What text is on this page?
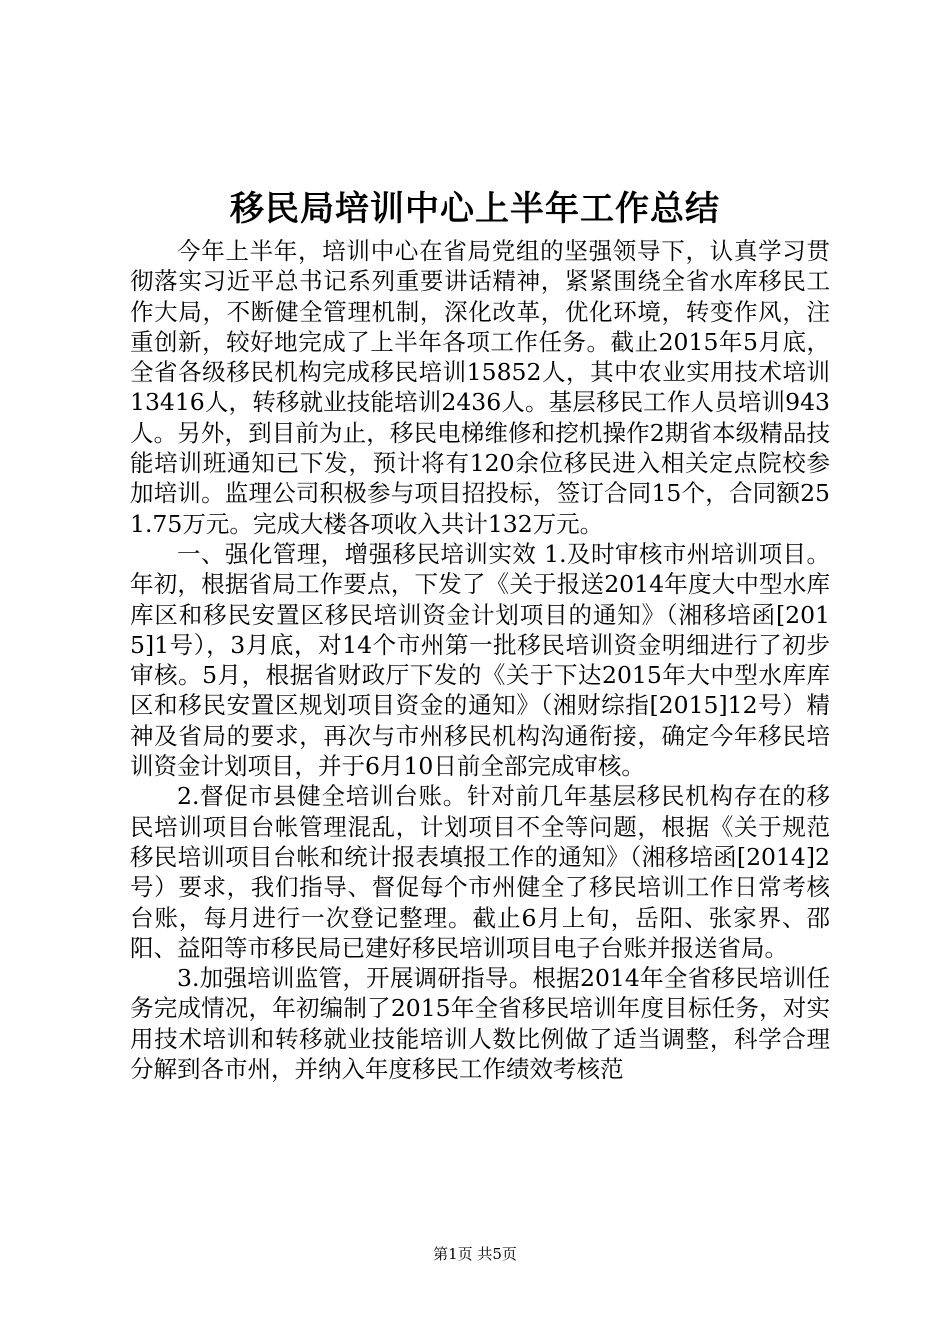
移民局培训中心上半年工作总结

今年上半年，培训中心在省局党组的坚强领导下，认真学习贯彻落实习近平总书记系列重要讲话精神，紧紧围绕全省水库移民工作大局，不断健全管理机制，深化改革，优化环境，转变作风，注重创新，较好地完成了上半年各项工作任务。截止2015年5月底，全省各级移民机构完成移民培训15852人，其中农业实用技术培训13416人，转移就业技能培训2436人。基层移民工作人员培训943人。另外，到目前为止，移民电梯维修和挖机操作2期省本级精品技能培训班通知已下发，预计将有120余位移民进入相关定点院校参加培训。监理公司积极参与项目招投标，签订合同15个，合同额251.75万元。完成大楼各项收入共计132万元。

一、强化管理，增强移民培训实效 1.及时审核市州培训项目。年初，根据省局工作要点，下发了《关于报送2014年度大中型水库库区和移民安置区移民培训资金计划项目的通知》（湘移培函[2015]1号），3月底，对14个市州第一批移民培训资金明细进行了初步审核。5月，根据省财政厅下发的《关于下达2015年大中型水库库区和移民安置区规划项目资金的通知》（湘财综指[2015]12号）精神及省局的要求，再次与市州移民机构沟通衔接，确定今年移民培训资金计划项目，并于6月10日前全部完成审核。

2.督促市县健全培训台账。针对前几年基层移民机构存在的移民培训项目台帐管理混乱，计划项目不全等问题，根据《关于规范移民培训项目台帐和统计报表填报工作的通知》（湘移培函[2014]2号）要求，我们指导、督促每个市州健全了移民培训工作日常考核台账，每月进行一次登记整理。截止6月上旬，岳阳、张家界、邵阳、益阳等市移民局已建好移民培训项目电子台账并报送省局。

3.加强培训监管，开展调研指导。根据2014年全省移民培训任务完成情况，年初编制了2015年全省移民培训年度目标任务，对实用技术培训和转移就业技能培训人数比例做了适当调整，科学合理分解到各市州，并纳入年度移民工作绩效考核范

第1页 共5页
